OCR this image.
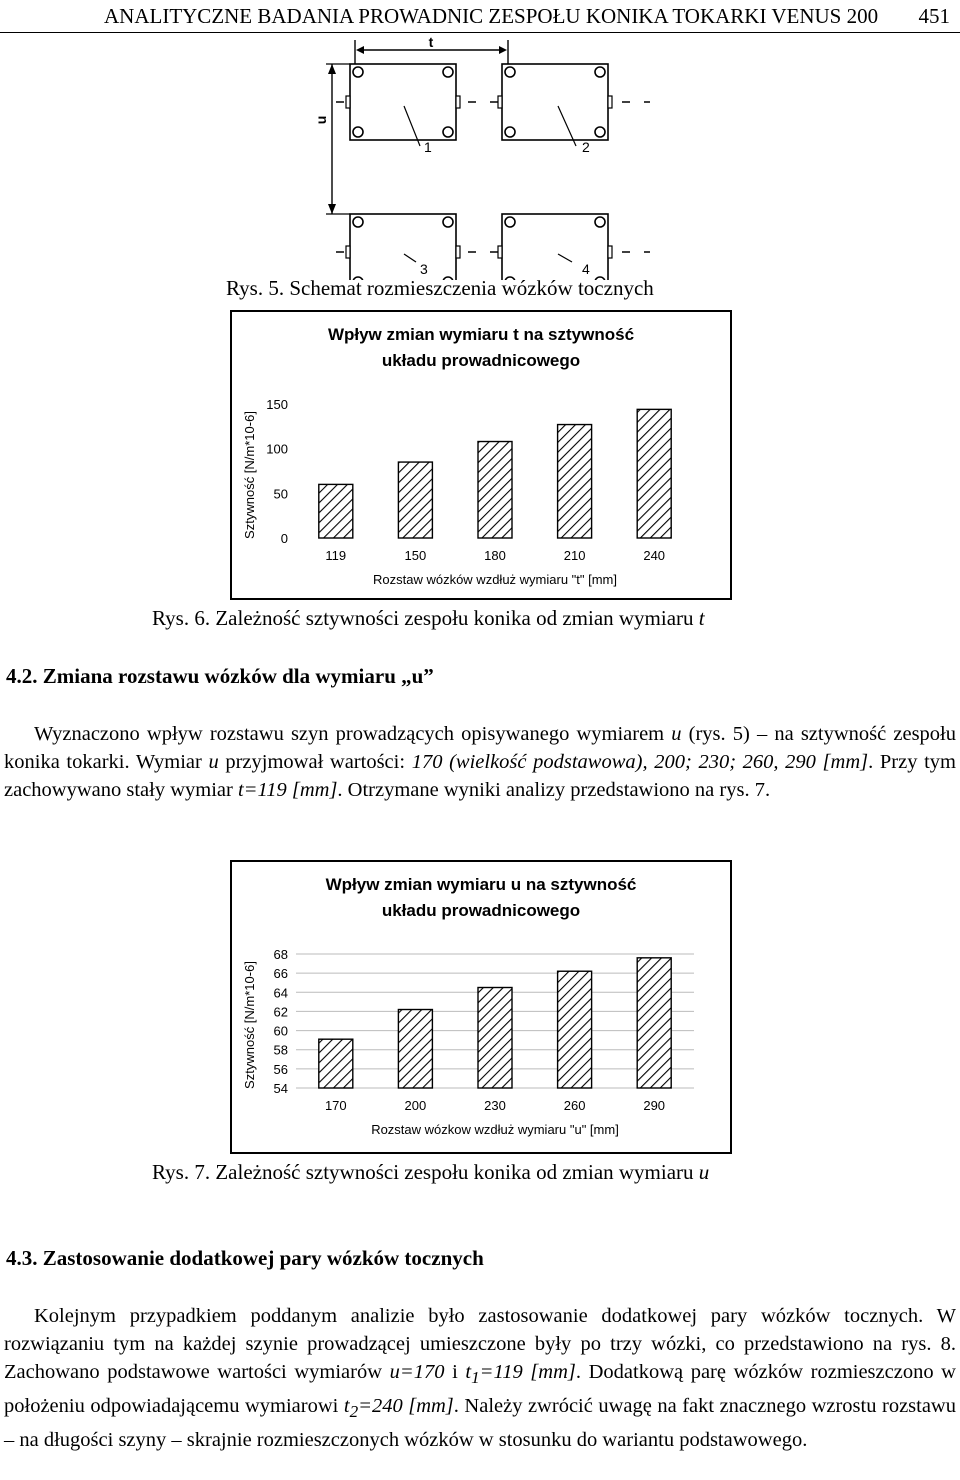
ANALITYCZNE BADANIA PROWADNIC ZESPOŁU KONIKA TOKARKI VENUS 200 451
t
u
1	2
3	4
Rys. 5. Schemat rozmieszczenia wózków tocznych
Wpływ zmian wymiaru t na sztywność
układu prowadnicowego
Sztywność [N/m*10-6] 0
50
100
150
119	150	180	210	240
Rozstaw wózków wzdłuż wymiaru "t" [mm]
Rys. 6. Zależność sztywności zespołu konika od zmian wymiaru t
4.2. Zmiana rozstawu wózków dla wymiaru „u”

Wyznaczono wpływ rozstawu szyn prowadzących opisywanego wymiarem u (rys. 5) – na sztywność zespołu konika tokarki. Wymiar u przyjmował wartości: 170 (wielkość podstawowa), 200; 230; 260, 290 [mm]. Przy tym zachowywano stały wymiar t=119 [mm]. Otrzymane wyniki analizy przedstawiono na rys. 7.

Wpływ zmian wymiaru u na sztywność
układu prowadnicowego
Sztywność [N/m*10-6] 54
56
58
60
62
64
66
68
170	200	230	260	290
Rozstaw wózkow wzdłuż wymiaru "u" [mm]
Rys. 7. Zależność sztywności zespołu konika od zmian wymiaru u
4.3. Zastosowanie dodatkowej pary wózków tocznych

Kolejnym przypadkiem poddanym analizie było zastosowanie dodatkowej pary wózków tocznych. W rozwiązaniu tym na każdej szynie prowadzącej umieszczone były po trzy wózki, co przedstawiono na rys. 8. Zachowano podstawowe wartości wymiarów u=170 i $t_1=119$ [mm]. Dodatkową parę wózków rozmieszczono w położeniu odpowiadającemu wymiarowi $t_2=240$ [mm]. Należy zwrócić uwagę na fakt znacznego wzrostu rozstawu – na długości szyny – skrajnie rozmieszczonych wózków w stosunku do wariantu podstawowego.
